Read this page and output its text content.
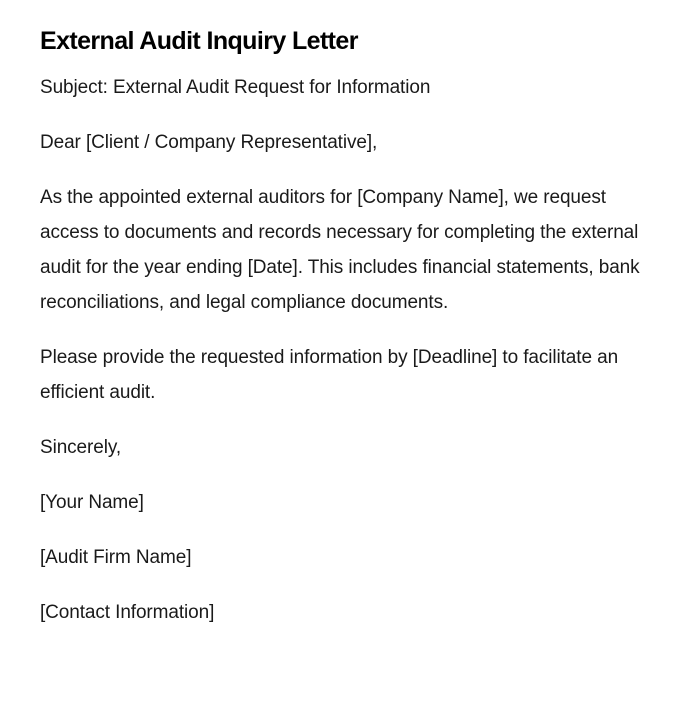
External Audit Inquiry Letter

Subject: External Audit Request for Information

Dear [Client / Company Representative],

As the appointed external auditors for [Company Name], we request access to documents and records necessary for completing the external audit for the year ending [Date]. This includes financial statements, bank reconciliations, and legal compliance documents.

Please provide the requested information by [Deadline] to facilitate an efficient audit.

Sincerely,

[Your Name]

[Audit Firm Name]

[Contact Information]
